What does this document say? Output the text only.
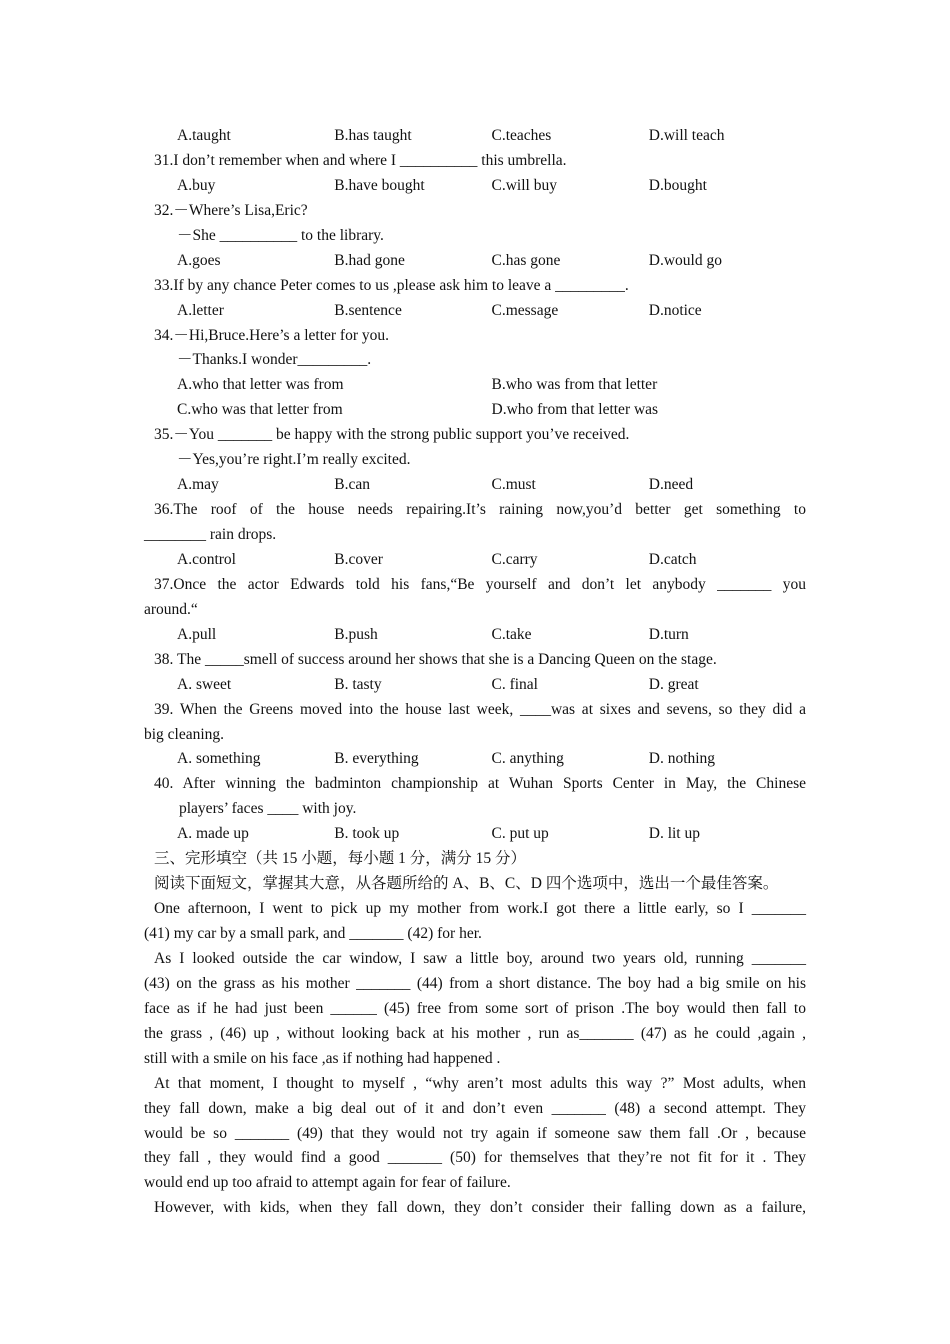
A.taught	B.has taught	C.teaches	D.will teach
31.I don’t remember when and where I __________ this umbrella.
A.buy	B.have bought	C.will buy	D.bought
32.－Where’s Lisa,Eric?
－She __________ to the library.
A.goes	B.had gone	C.has gone	D.would go
33.If by any chance Peter comes to us ,please ask him to leave a _________.
A.letter	B.sentence	C.message	D.notice
34.－Hi,Bruce.Here’s a letter for you.
－Thanks.I wonder_________.
A.who that letter was from	B.who was from that letter
C.who was that letter from	D.who from that letter was
35.－You _______ be happy with the strong public support you’ve received.
－Yes,you’re right.I’m really excited.
A.may	B.can	C.must	D.need
36.The roof of the house needs repairing.It’s raining now,you’d better get something to
________ rain drops.
A.control	B.cover	C.carry	D.catch
37.Once the actor Edwards told his fans,“Be yourself and don’t let anybody _______ you
around.“
A.pull	B.push	C.take	D.turn
38. The _____smell of success around her shows that she is a Dancing Queen on the stage.
A. sweet	B. tasty	C. final	D. great
39. When the Greens moved into the house last week, ____was at sixes and sevens, so they did a
big cleaning.
A. something	B. everything	C. anything	D. nothing
40. After winning the badminton championship at Wuhan Sports Center in May, the Chinese
players’ faces ____ with joy.
A. made up	B. took up	C. put up	D. lit up
三、完形填空（共 15 小题，每小题 1 分，满分 15 分）
阅读下面短文，掌握其大意，从各题所给的 A、B、C、D 四个选项中，选出一个最佳答案。
One afternoon, I went to pick up my mother from work.I got there a little early, so I _______
(41) my car by a small park, and _______ (42) for her.
As I looked outside the car window, I saw a little boy, around two years old, running _______
(43) on the grass as his mother _______ (44) from a short distance. The boy had a big smile on his
face as if he had just been ______ (45) free from some sort of prison .The boy would then fall to
the grass , (46) up , without looking back at his mother , run as_______ (47) as he could ,again ,
still with a smile on his face ,as if nothing had happened .
At that moment, I thought to myself , “why aren’t most adults this way ?” Most adults, when
they fall down, make a big deal out of it and don’t even _______ (48) a second attempt. They
would be so _______ (49) that they would not try again if someone saw them fall .Or , because
they fall , they would find a good _______ (50) for themselves that they’re not fit for it . They
would end up too afraid to attempt again for fear of failure.
However, with kids, when they fall down, they don’t consider their falling down as a failure,
